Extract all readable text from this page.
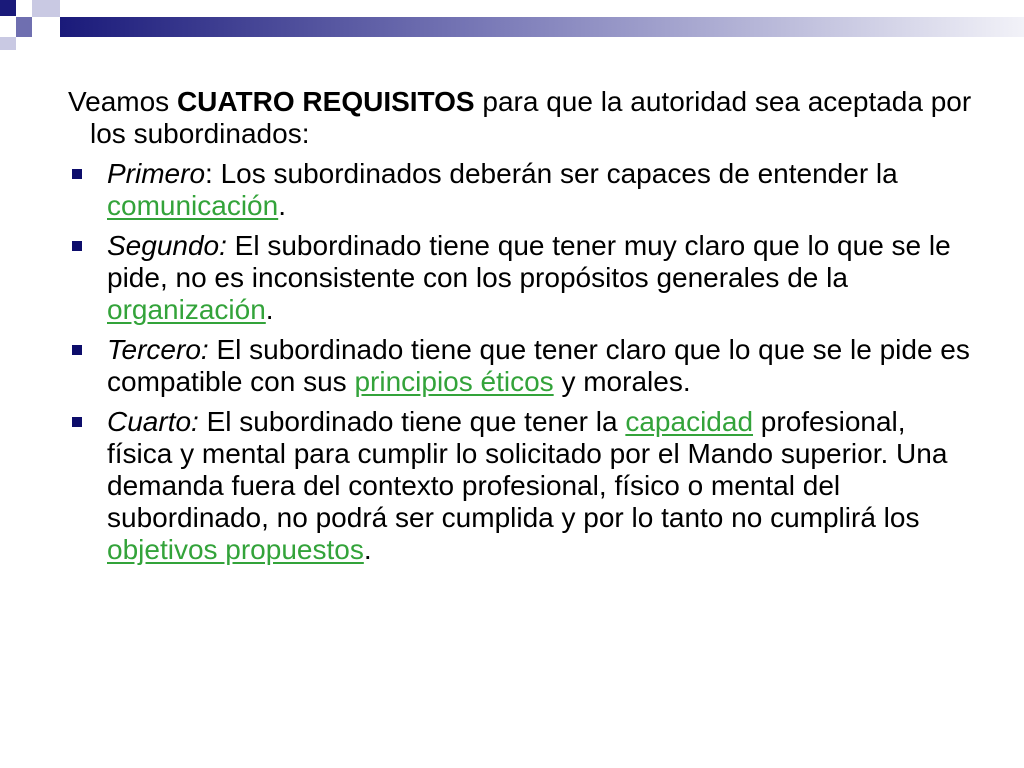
Veamos CUATRO REQUISITOS para que la autoridad sea aceptada por los subordinados:

Primero: Los subordinados deberán ser capaces de entender la comunicación.
Segundo: El subordinado tiene que tener muy claro que lo que se le pide, no es inconsistente con los propósitos generales de la organización.
Tercero: El subordinado tiene que tener claro que lo que se le pide es compatible con sus principios éticos y morales.
Cuarto: El subordinado tiene que tener la capacidad profesional, física y mental para cumplir lo solicitado por el Mando superior. Una demanda fuera del contexto profesional, físico o mental del subordinado, no podrá ser cumplida y por lo tanto no cumplirá los objetivos propuestos.
